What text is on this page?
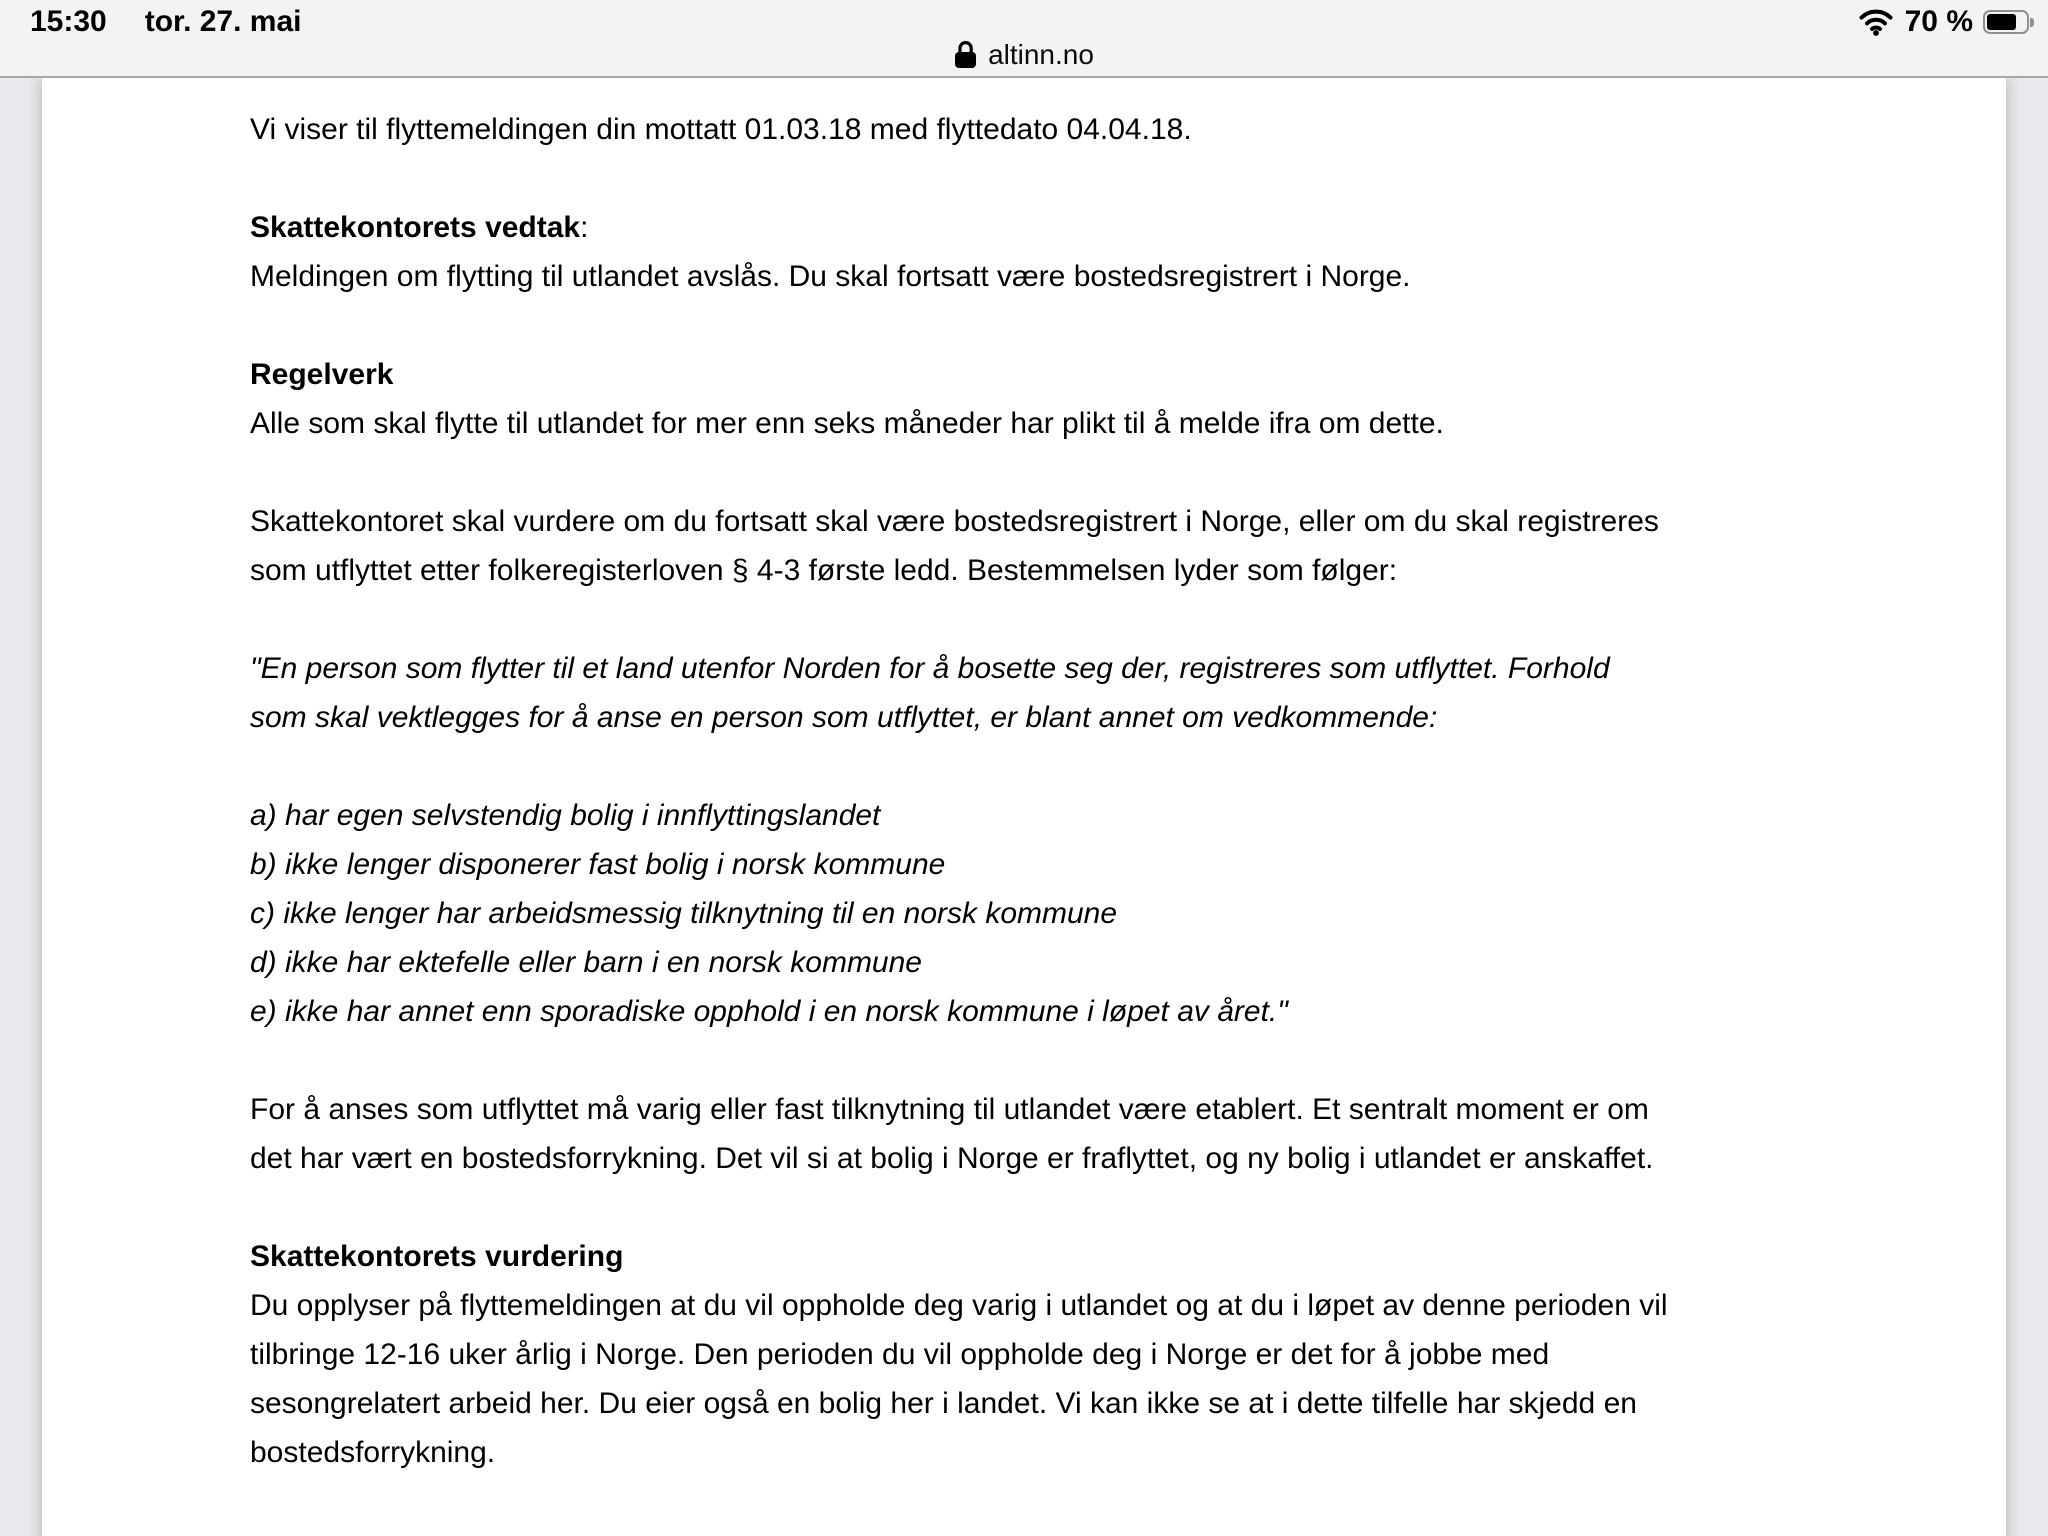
15:30 tor. 27. mai	70 %
altinn.no
Vi viser til flyttemeldingen din mottatt 01.03.18 med flyttedato 04.04.18.
Skattekontorets vedtak:
Meldingen om flytting til utlandet avslås. Du skal fortsatt være bostedsregistrert i Norge.
Regelverk
Alle som skal flytte til utlandet for mer enn seks måneder har plikt til å melde ifra om dette.
Skattekontoret skal vurdere om du fortsatt skal være bostedsregistrert i Norge, eller om du skal registreres
som utflyttet etter folkeregisterloven § 4-3 første ledd. Bestemmelsen lyder som følger:
"En person som flytter til et land utenfor Norden for å bosette seg der, registreres som utflyttet. Forhold
som skal vektlegges for å anse en person som utflyttet, er blant annet om vedkommende:
a) har egen selvstendig bolig i innflyttingslandet
b) ikke lenger disponerer fast bolig i norsk kommune
c) ikke lenger har arbeidsmessig tilknytning til en norsk kommune
d) ikke har ektefelle eller barn i en norsk kommune
e) ikke har annet enn sporadiske opphold i en norsk kommune i løpet av året."
For å anses som utflyttet må varig eller fast tilknytning til utlandet være etablert. Et sentralt moment er om
det har vært en bostedsforrykning. Det vil si at bolig i Norge er fraflyttet, og ny bolig i utlandet er anskaffet.
Skattekontorets vurdering
Du opplyser på flyttemeldingen at du vil oppholde deg varig i utlandet og at du i løpet av denne perioden vil
tilbringe 12-16 uker årlig i Norge. Den perioden du vil oppholde deg i Norge er det for å jobbe med
sesongrelatert arbeid her. Du eier også en bolig her i landet. Vi kan ikke se at i dette tilfelle har skjedd en
bostedsforrykning.
